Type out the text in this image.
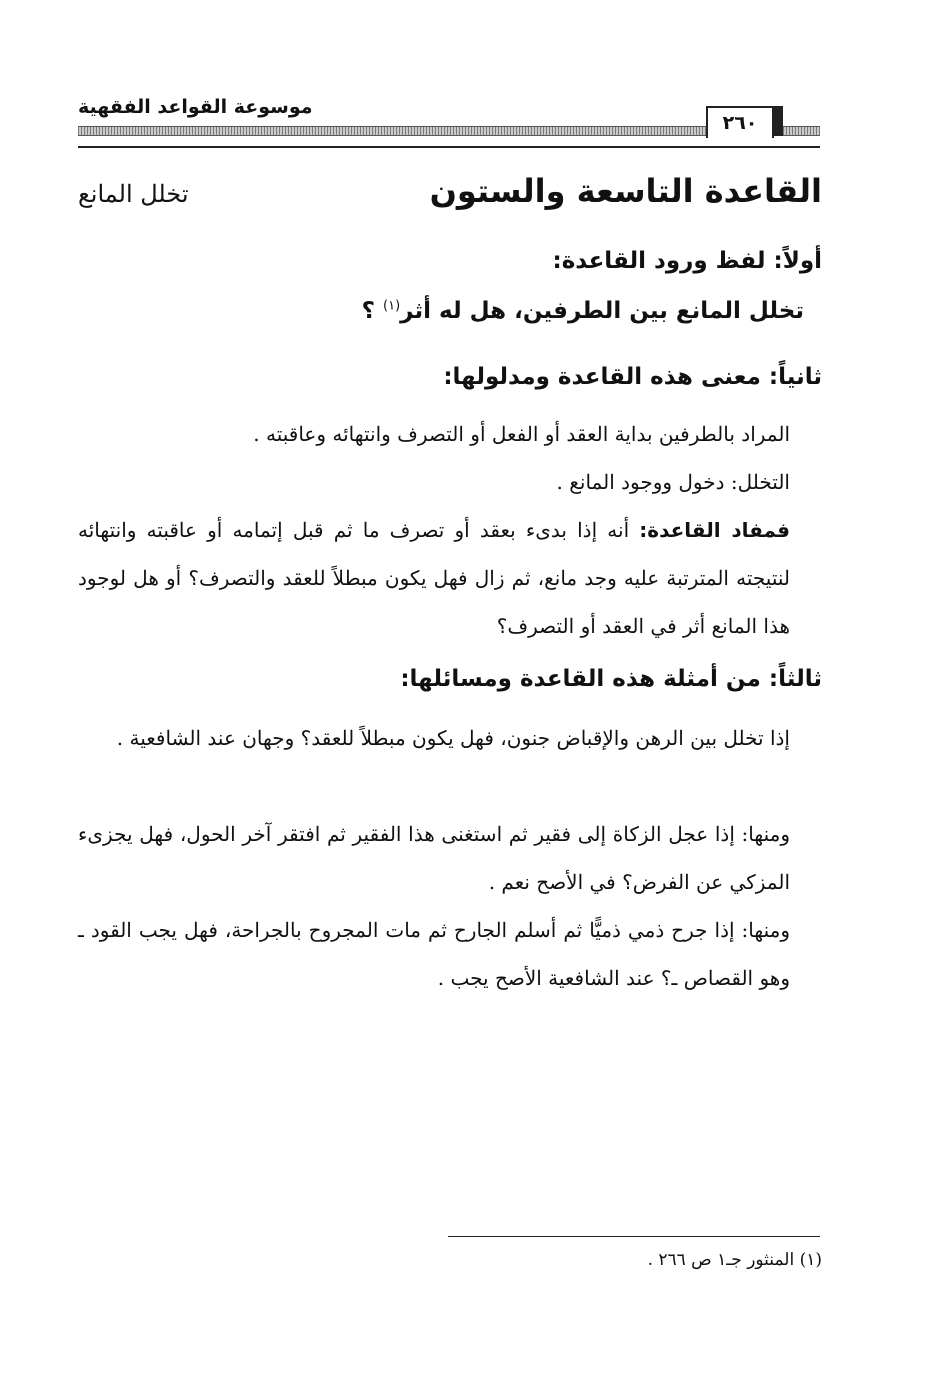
موسوعة القواعد الفقهية
٢٦٠
القاعدة التاسعة والستون
تخلل المانع
أولاً: لفظ ورود القاعدة:
تخلل المانع بين الطرفين، هل له أثر$^{(١)}$ ؟
ثانياً: معنى هذه القاعدة ومدلولها:
المراد بالطرفين بداية العقد أو الفعل أو التصرف وانتهائه وعاقبته .
التخلل: دخول ووجود المانع .
فمفاد القاعدة: أنه إذا بدىء بعقد أو تصرف ما ثم قبل إتمامه أو عاقبته وانتهائه لنتيجته المترتبة عليه وجد مانع، ثم زال فهل يكون مبطلاً للعقد والتصرف؟ أو هل لوجود هذا المانع أثر في العقد أو التصرف؟
ثالثاً: من أمثلة هذه القاعدة ومسائلها:
إذا تخلل بين الرهن والإقباض جنون، فهل يكون مبطلاً للعقد؟ وجهان عند الشافعية .
ومنها: إذا عجل الزكاة إلى فقير ثم استغنى هذا الفقير ثم افتقر آخر الحول، فهل يجزىء المزكي عن الفرض؟ في الأصح نعم .
ومنها: إذا جرح ذمي ذميًّا ثم أسلم الجارح ثم مات المجروح بالجراحة، فهل يجب القود ـ وهو القصاص ـ؟ عند الشافعية الأصح يجب .
(١) المنثور جـ١ ص ٢٦٦ .
